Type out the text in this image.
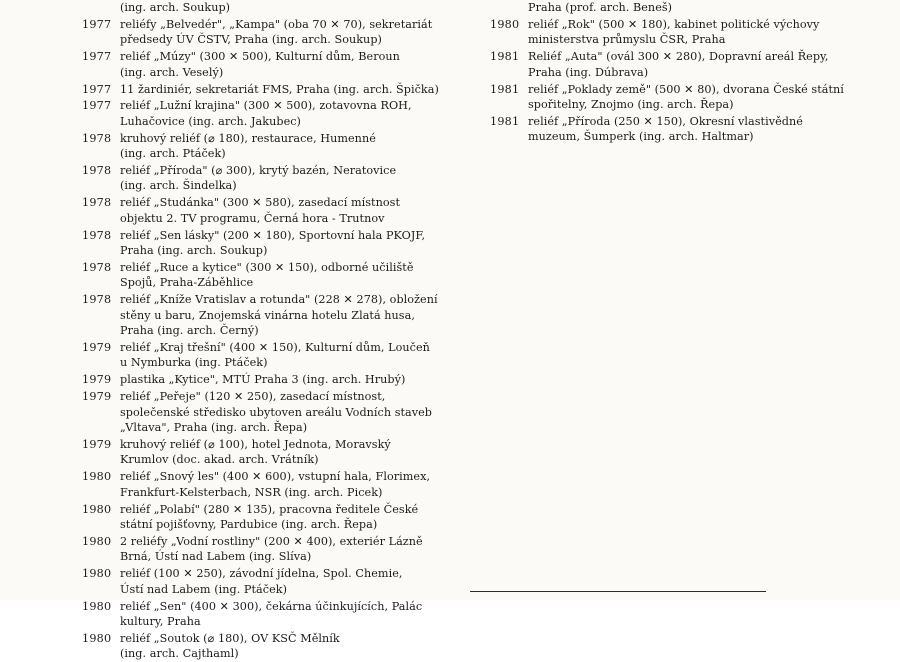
(ing. arch. Soukup)
1977 reliéfy „Belvedér", „Kampa" (oba 70 ✕ 70), sekretariát
předsedy ÚV ČSTV, Praha (ing. arch. Soukup)
1977 reliéf „Múzy" (300 ✕ 500), Kulturní dům, Beroun
(ing. arch. Veselý)
1977 11 žardiniér, sekretariát FMS, Praha (ing. arch. Špička)
1977 reliéf „Lužní krajina" (300 ✕ 500), zotavovna ROH,
Luhačovice (ing. arch. Jakubec)
1978 kruhový reliéf (⌀ 180), restaurace, Humenné
(ing. arch. Ptáček)
1978 reliéf „Příroda" (⌀ 300), krytý bazén, Neratovice
(ing. arch. Šindelka)
1978 reliéf „Studánka" (300 ✕ 580), zasedací místnost
objektu 2. TV programu, Černá hora - Trutnov
1978 reliéf „Sen lásky" (200 ✕ 180), Sportovní hala PKOJF,
Praha (ing. arch. Soukup)
1978 reliéf „Ruce a kytice" (300 ✕ 150), odborné učiliště
Spojů, Praha-Záběhlice
1978 reliéf „Kníže Vratislav a rotunda" (228 ✕ 278), obložení
stěny u baru, Znojemská vinárna hotelu Zlatá husa,
Praha (ing. arch. Černý)
1979 reliéf „Kraj třešní" (400 ✕ 150), Kulturní dům, Loučeň
u Nymburka (ing. Ptáček)
1979 plastika „Kytice", MTÚ Praha 3 (ing. arch. Hrubý)
1979 reliéf „Peřeje" (120 ✕ 250), zasedací místnost,
společenské středisko ubytoven areálu Vodních staveb
„Vltava", Praha (ing. arch. Řepa)
1979 kruhový reliéf (⌀ 100), hotel Jednota, Moravský
Krumlov (doc. akad. arch. Vrátník)
1980 reliéf „Snový les" (400 ✕ 600), vstupní hala, Florimex,
Frankfurt-Kelsterbach, NSR (ing. arch. Picek)
1980 reliéf „Polabí" (280 ✕ 135), pracovna ředitele České
státní pojišťovny, Pardubice (ing. arch. Řepa)
1980 2 reliéfy „Vodní rostliny" (200 ✕ 400), exteriér Lázně
Brná, Ústí nad Labem (ing. Slíva)
1980 reliéf (100 ✕ 250), závodní jídelna, Spol. Chemie,
Ústí nad Labem (ing. Ptáček)
1980 reliéf „Sen" (400 ✕ 300), čekárna účinkujících, Palác
kultury, Praha
1980 reliéf „Soutok (⌀ 180), OV KSČ Mělník
(ing. arch. Cajthaml)
Praha (prof. arch. Beneš)
1980 reliéf „Rok" (500 ✕ 180), kabinet politické výchovy
ministerstva průmyslu ČSR, Praha
1981 Reliéf „Auta" (ovál 300 ✕ 280), Dopravní areál Řepy,
Praha (ing. Dúbrava)
1981 reliéf „Poklady země" (500 ✕ 80), dvorana České státní
spořitelny, Znojmo (ing. arch. Řepa)
1981 reliéf „Příroda (250 ✕ 150), Okresní vlastivědné
muzeum, Šumperk (ing. arch. Haltmar)
